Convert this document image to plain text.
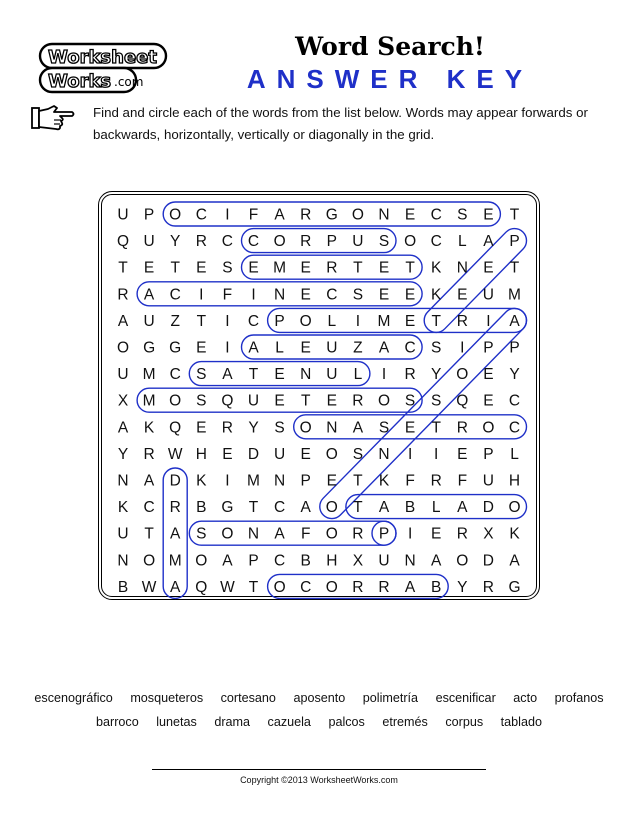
Worksheet
Works .com
Word Search!
ANSWER KEY
Find and circle each of the words from the list below. Words may appear forwards or backwards, horizontally, vertically or diagonally in the grid.
U P O C I F A R G O N E C S E T
Q U Y R C C O R P U S O C L A P
T E T E S E M E R T E T K N E T
R A C I F I N E C S E E K E U M
A U Z T I C P O L I M E T R I A
O G G E I A L E U Z A C S I P P
U M C S A T E N U L I R Y O E Y
X M O S Q U E T E R O S S Q E C
A K Q E R Y S O N A S E T R O C
Y R W H E D U E O S N I I E P L
N A D K I M N P E T K F R F U H
K C R B G T C A O T A B L A D O
U T A S O N A F O R P I E R X K
N O M O A P C B H X U N A O D A
B W A Q W T O C O R R A B Y R G
escenográfico mosqueteros cortesano aposento polimetría escenificar acto profanos
barroco lunetas drama cazuela palcos etremés corpus tablado
Copyright ©2013 WorksheetWorks.com
